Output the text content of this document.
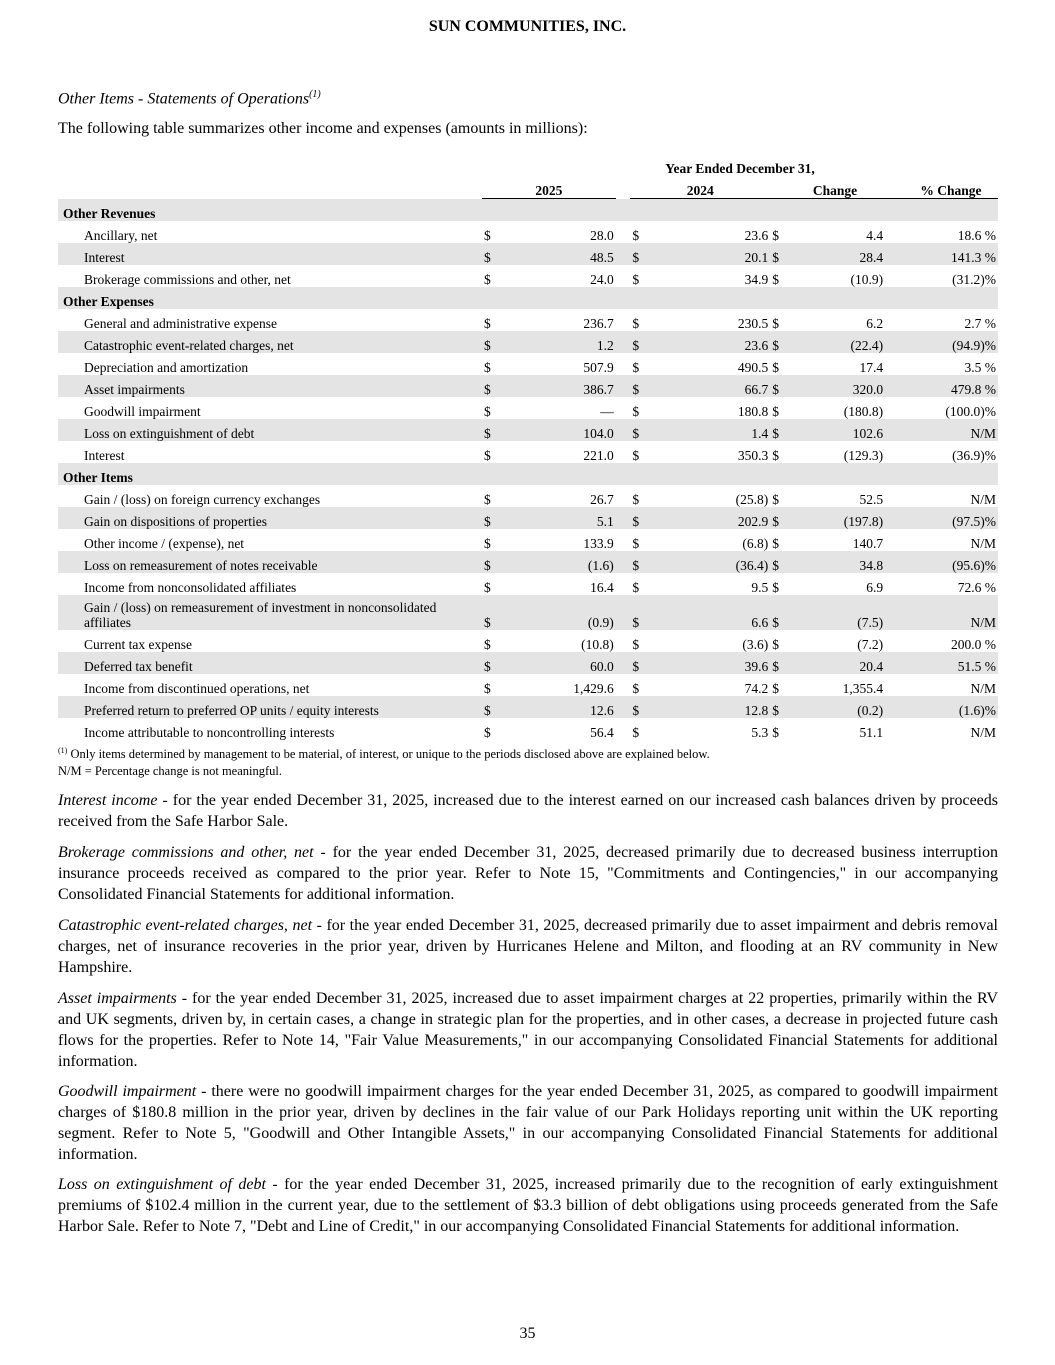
SUN COMMUNITIES, INC.
Other Items - Statements of Operations$^{(1)}$
The following table summarizes other income and expenses (amounts in millions):
		Year Ended December 31,								
		2025			2024			Change		% Change
Other Revenues										
Ancillary, net		$	28.0		$	23.6	$	4.4		18.6 %
Interest		$	48.5		$	20.1	$	28.4		141.3 %
Brokerage commissions and other, net		$	24.0		$	34.9	$	(10.9)		(31.2)%
Other Expenses										
General and administrative expense		$	236.7		$	230.5	$	6.2		2.7 %
Catastrophic event-related charges, net		$	1.2		$	23.6	$	(22.4)		(94.9)%
Depreciation and amortization		$	507.9		$	490.5	$	17.4		3.5 %
Asset impairments		$	386.7		$	66.7	$	320.0		479.8 %
Goodwill impairment		$	—		$	180.8	$	(180.8)		(100.0)%
Loss on extinguishment of debt		$	104.0		$	1.4	$	102.6		N/M
Interest		$	221.0		$	350.3	$	(129.3)		(36.9)%
Other Items										
Gain / (loss) on foreign currency exchanges		$	26.7		$	(25.8)	$	52.5		N/M
Gain on dispositions of properties		$	5.1		$	202.9	$	(197.8)		(97.5)%
Other income / (expense), net		$	133.9		$	(6.8)	$	140.7		N/M
Loss on remeasurement of notes receivable		$	(1.6)		$	(36.4)	$	34.8		(95.6)%
Income from nonconsolidated affiliates		$	16.4		$	9.5	$	6.9		72.6 %
Gain / (loss) on remeasurement of investment in nonconsolidated affiliates		$	(0.9)		$	6.6	$	(7.5)		N/M
Current tax expense		$	(10.8)		$	(3.6)	$	(7.2)		200.0 %
Deferred tax benefit		$	60.0		$	39.6	$	20.4		51.5 %
Income from discontinued operations, net		$	1,429.6		$	74.2	$	1,355.4		N/M
Preferred return to preferred OP units / equity interests		$	12.6		$	12.8	$	(0.2)		(1.6)%
Income attributable to noncontrolling interests		$	56.4		$	5.3	$	51.1		N/M
$^{(1)}$ Only items determined by management to be material, of interest, or unique to the periods disclosed above are explained below.
N/M = Percentage change is not meaningful.
Interest income - for the year ended December 31, 2025, increased due to the interest earned on our increased cash balances driven by proceeds received from the Safe Harbor Sale.
Brokerage commissions and other, net - for the year ended December 31, 2025, decreased primarily due to decreased business interruption insurance proceeds received as compared to the prior year. Refer to Note 15, "Commitments and Contingencies," in our accompanying Consolidated Financial Statements for additional information.
Catastrophic event-related charges, net - for the year ended December 31, 2025, decreased primarily due to asset impairment and debris removal charges, net of insurance recoveries in the prior year, driven by Hurricanes Helene and Milton, and flooding at an RV community in New Hampshire.
Asset impairments - for the year ended December 31, 2025, increased due to asset impairment charges at 22 properties, primarily within the RV and UK segments, driven by, in certain cases, a change in strategic plan for the properties, and in other cases, a decrease in projected future cash flows for the properties. Refer to Note 14, "Fair Value Measurements," in our accompanying Consolidated Financial Statements for additional information.
Goodwill impairment - there were no goodwill impairment charges for the year ended December 31, 2025, as compared to goodwill impairment charges of $180.8 million in the prior year, driven by declines in the fair value of our Park Holidays reporting unit within the UK reporting segment. Refer to Note 5, "Goodwill and Other Intangible Assets," in our accompanying Consolidated Financial Statements for additional information.
Loss on extinguishment of debt - for the year ended December 31, 2025, increased primarily due to the recognition of early extinguishment premiums of $102.4 million in the current year, due to the settlement of $3.3 billion of debt obligations using proceeds generated from the Safe Harbor Sale. Refer to Note 7, "Debt and Line of Credit," in our accompanying Consolidated Financial Statements for additional information.
35
